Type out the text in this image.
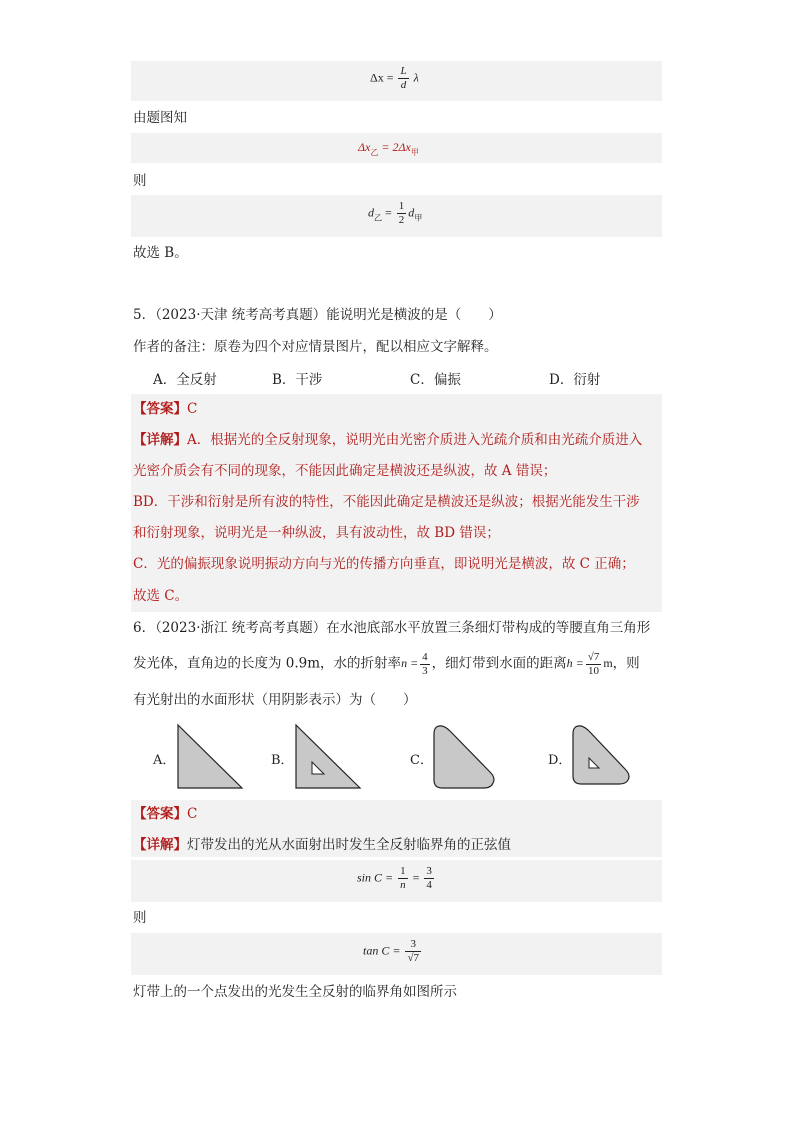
$\Delta x = \frac{L}{d}$ λ
由题图知
$\Delta x_乙 = 2\Delta x_甲$
则
$d_乙 = \frac{1}{2} d_甲$
故选 B。
5．（2023·天津 统考高考真题）能说明光是横波的是（　　）
作者的备注：原卷为四个对应情景图片，配以相应文字解释。
A．全反射	B．干涉	C．偏振	D．衍射
【答案】C
【详解】A．根据光的全反射现象，说明光由光密介质进入光疏介质和由光疏介质进入
光密介质会有不同的现象，不能因此确定是横波还是纵波，故 A 错误；
BD．干涉和衍射是所有波的特性，不能因此确定是横波还是纵波；根据光能发生干涉
和衍射现象，说明光是一种纵波，具有波动性，故 BD 错误；
C．光的偏振现象说明振动方向与光的传播方向垂直，即说明光是横波，故 C 正确；
故选 C。
6．（2023·浙江 统考高考真题）在水池底部水平放置三条细灯带构成的等腰直角三角形
发光体，直角边的长度为 0.9m，水的折射率$n = \frac{4}{3}$ ，细灯带到水面的距离$h = \frac{√7}{10}$ m，则
有光射出的水面形状（用阴影表示）为（　　）
A．	B．	C．	D．
【答案】C
【详解】灯带发出的光从水面射出时发生全反射临界角的正弦值
$\sin C = \frac{1}{n} = \frac{3}{4}$
则
$\tan C = \frac{3}{√7}$
灯带上的一个点发出的光发生全反射的临界角如图所示
